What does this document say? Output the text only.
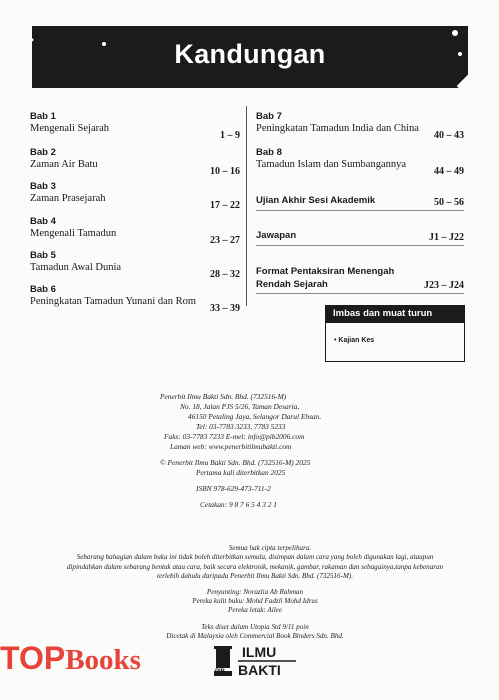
Kandungan
Bab 1
Mengenali Sejarah
1 – 9
Bab 2
Zaman Air Batu
10 – 16
Bab 3
Zaman Prasejarah
17 – 22
Bab 4
Mengenali Tamadun
23 – 27
Bab 5
Tamadun Awal Dunia
28 – 32
Bab 6
Peningkatan Tamadun Yunani dan Rom
33 – 39
Bab 7
Peningkatan Tamadun India dan China
40 – 43
Bab 8
Tamadun Islam dan Sumbangannya
44 – 49
Ujian Akhir Sesi Akademik	50 – 56
Jawapan	J1 – J22
Format Pentaksiran Menengah
Rendah Sejarah	J23 – J24
Imbas dan muat turun
• Kajian Kes

Penerbit Ilmu Bakti Sdn. Bhd. (732516-M)

No. 18, Jalan PJS 5/26, Taman Desaria,

46150 Petaling Jaya, Selangor Darul Ehsan.

Tel: 03-7783 3233, 7783 5233

Faks: 03-7783 7233 E-mel: info@pib2006.com

Laman web: www.penerbitilmubakti.com

© Penerbit Ilmu Bakti Sdn. Bhd. (732516-M) 2025

Pertama kali diterbitkan 2025

ISBN 978-629-473-711-2

Cetakan: 9 8 7 6 5 4 3 2 1

Semua hak cipta terpelihara.

Sebarang bahagian dalam buku ini tidak boleh diterbitkan semula, disimpan dalam cara yang boleh digunakan lagi, ataupun dipindahkan dalam sebarang bentuk atau cara, baik secara elektronik, mekanik, gambar, rakaman dan sebagainya,tanpa kebenaran terlebih dahulu daripada Penerbit Ilmu Bakti Sdn. Bhd. (732516-M).

Penyunting: Norazlia Ab Rahman

Pereka kulit buku: Mohd Fadzli Mohd Idrus

Pereka letak: Ailee

Teks diset dalam Utopia Std 9/11 poin

Dicetak di Malaysia oleh Commercial Book Binders Sdn. Bhd.

TOPBooks	PIB
ILMU
BAKTI
